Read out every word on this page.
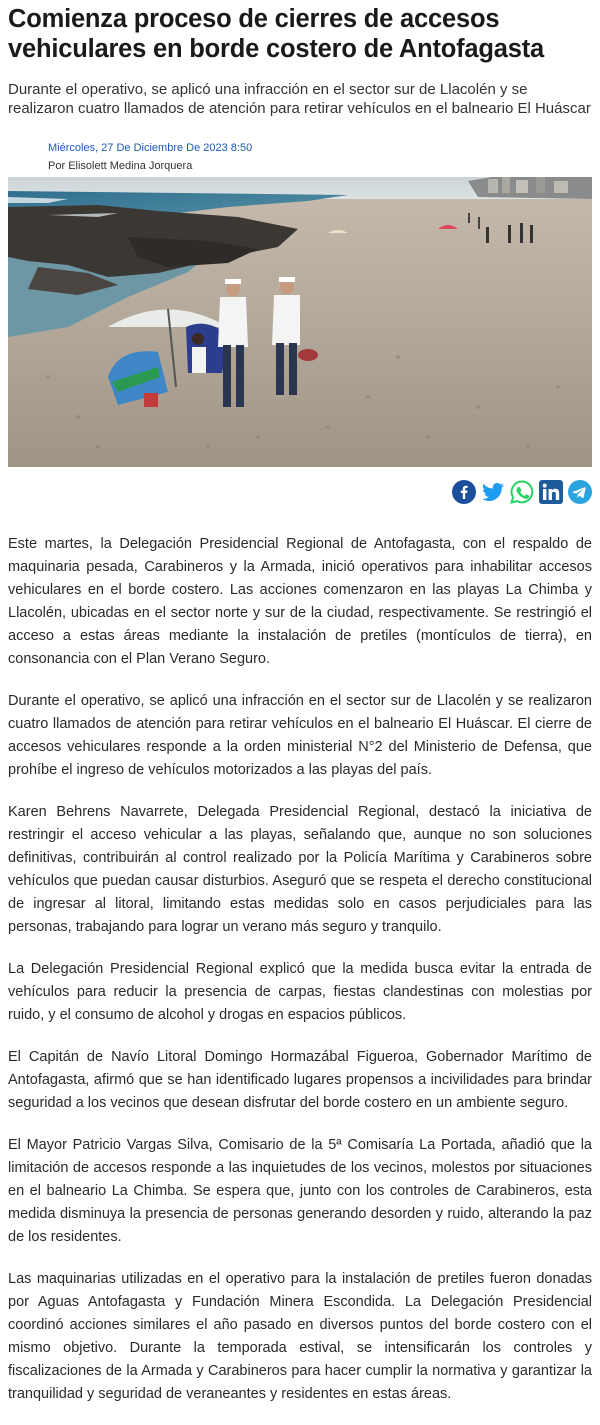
Comienza proceso de cierres de accesos vehiculares en borde costero de Antofagasta

Durante el operativo, se aplicó una infracción en el sector sur de Llacolén y se realizaron cuatro llamados de atención para retirar vehículos en el balneario El Huáscar

Miércoles, 27 De Diciembre De 2023 8:50
Por Elisolett Medina Jorquera

Este martes, la Delegación Presidencial Regional de Antofagasta, con el respaldo de maquinaria pesada, Carabineros y la Armada, inició operativos para inhabilitar accesos vehiculares en el borde costero. Las acciones comenzaron en las playas La Chimba y Llacolén, ubicadas en el sector norte y sur de la ciudad, respectivamente. Se restringió el acceso a estas áreas mediante la instalación de pretiles (montículos de tierra), en consonancia con el Plan Verano Seguro.

Durante el operativo, se aplicó una infracción en el sector sur de Llacolén y se realizaron cuatro llamados de atención para retirar vehículos en el balneario El Huáscar. El cierre de accesos vehiculares responde a la orden ministerial N°2 del Ministerio de Defensa, que prohíbe el ingreso de vehículos motorizados a las playas del país.

Karen Behrens Navarrete, Delegada Presidencial Regional, destacó la iniciativa de restringir el acceso vehicular a las playas, señalando que, aunque no son soluciones definitivas, contribuirán al control realizado por la Policía Marítima y Carabineros sobre vehículos que puedan causar disturbios. Aseguró que se respeta el derecho constitucional de ingresar al litoral, limitando estas medidas solo en casos perjudiciales para las personas, trabajando para lograr un verano más seguro y tranquilo.

La Delegación Presidencial Regional explicó que la medida busca evitar la entrada de vehículos para reducir la presencia de carpas, fiestas clandestinas con molestias por ruido, y el consumo de alcohol y drogas en espacios públicos.

El Capitán de Navío Litoral Domingo Hormazábal Figueroa, Gobernador Marítimo de Antofagasta, afirmó que se han identificado lugares propensos a incivilidades para brindar seguridad a los vecinos que desean disfrutar del borde costero en un ambiente seguro.

El Mayor Patricio Vargas Silva, Comisario de la 5ª Comisaría La Portada, añadió que la limitación de accesos responde a las inquietudes de los vecinos, molestos por situaciones en el balneario La Chimba. Se espera que, junto con los controles de Carabineros, esta medida disminuya la presencia de personas generando desorden y ruido, alterando la paz de los residentes.

Las maquinarias utilizadas en el operativo para la instalación de pretiles fueron donadas por Aguas Antofagasta y Fundación Minera Escondida. La Delegación Presidencial coordinó acciones similares el año pasado en diversos puntos del borde costero con el mismo objetivo. Durante la temporada estival, se intensificarán los controles y fiscalizaciones de la Armada y Carabineros para hacer cumplir la normativa y garantizar la tranquilidad y seguridad de veraneantes y residentes en estas áreas.
